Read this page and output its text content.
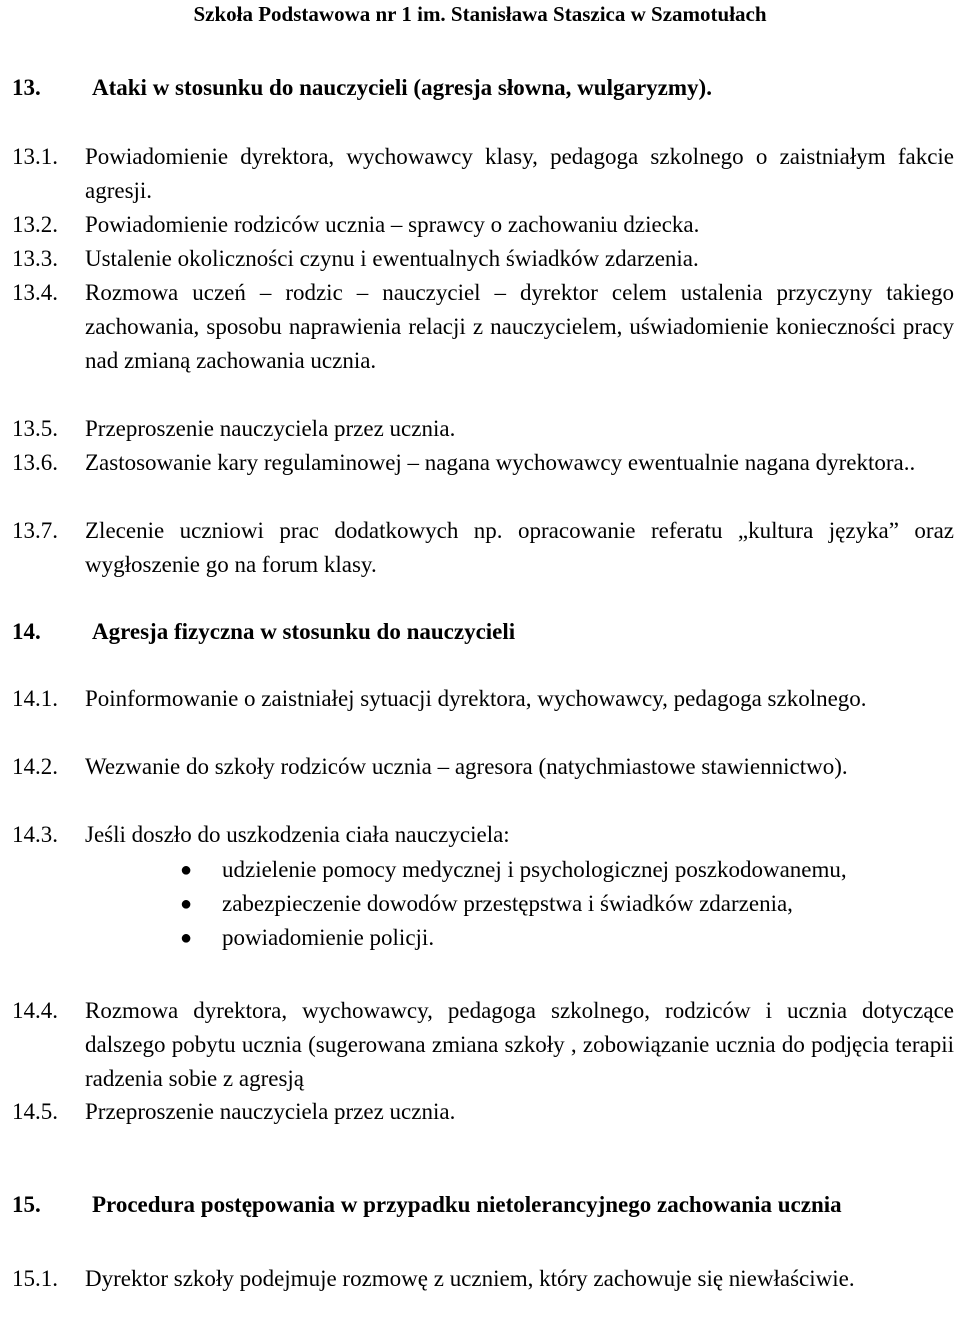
Szkoła Podstawowa nr 1 im. Stanisława Staszica w Szamotułach
13. Ataki w stosunku do nauczycieli (agresja słowna, wulgaryzmy).
13.1. Powiadomienie dyrektora, wychowawcy klasy, pedagoga szkolnego o zaistniałym fakcie agresji.
13.2. Powiadomienie rodziców ucznia – sprawcy o zachowaniu dziecka.
13.3. Ustalenie okoliczności czynu i ewentualnych świadków zdarzenia.
13.4. Rozmowa uczeń – rodzic – nauczyciel – dyrektor celem ustalenia przyczyny takiego zachowania, sposobu naprawienia relacji z nauczycielem, uświadomienie konieczności pracy nad zmianą zachowania ucznia.
13.5. Przeproszenie nauczyciela przez ucznia.
13.6. Zastosowanie kary regulaminowej – nagana wychowawcy ewentualnie nagana dyrektora..
13.7. Zlecenie uczniowi prac dodatkowych np. opracowanie referatu „kultura języka” oraz wygłoszenie go na forum klasy.
14. Agresja fizyczna w stosunku do nauczycieli
14.1. Poinformowanie o zaistniałej sytuacji dyrektora, wychowawcy, pedagoga szkolnego.
14.2. Wezwanie do szkoły rodziców ucznia – agresora (natychmiastowe stawiennictwo).
14.3. Jeśli doszło do uszkodzenia ciała nauczyciela:
● udzielenie pomocy medycznej i psychologicznej poszkodowanemu,
● zabezpieczenie dowodów przestępstwa i świadków zdarzenia,
● powiadomienie policji.
14.4. Rozmowa dyrektora, wychowawcy, pedagoga szkolnego, rodziców i ucznia dotyczące dalszego pobytu ucznia (sugerowana zmiana szkoły , zobowiązanie ucznia do podjęcia terapii radzenia sobie z agresją
14.5. Przeproszenie nauczyciela przez ucznia.
15. Procedura postępowania w przypadku nietolerancyjnego zachowania ucznia
15.1. Dyrektor szkoły podejmuje rozmowę z uczniem, który zachowuje się niewłaściwie.
